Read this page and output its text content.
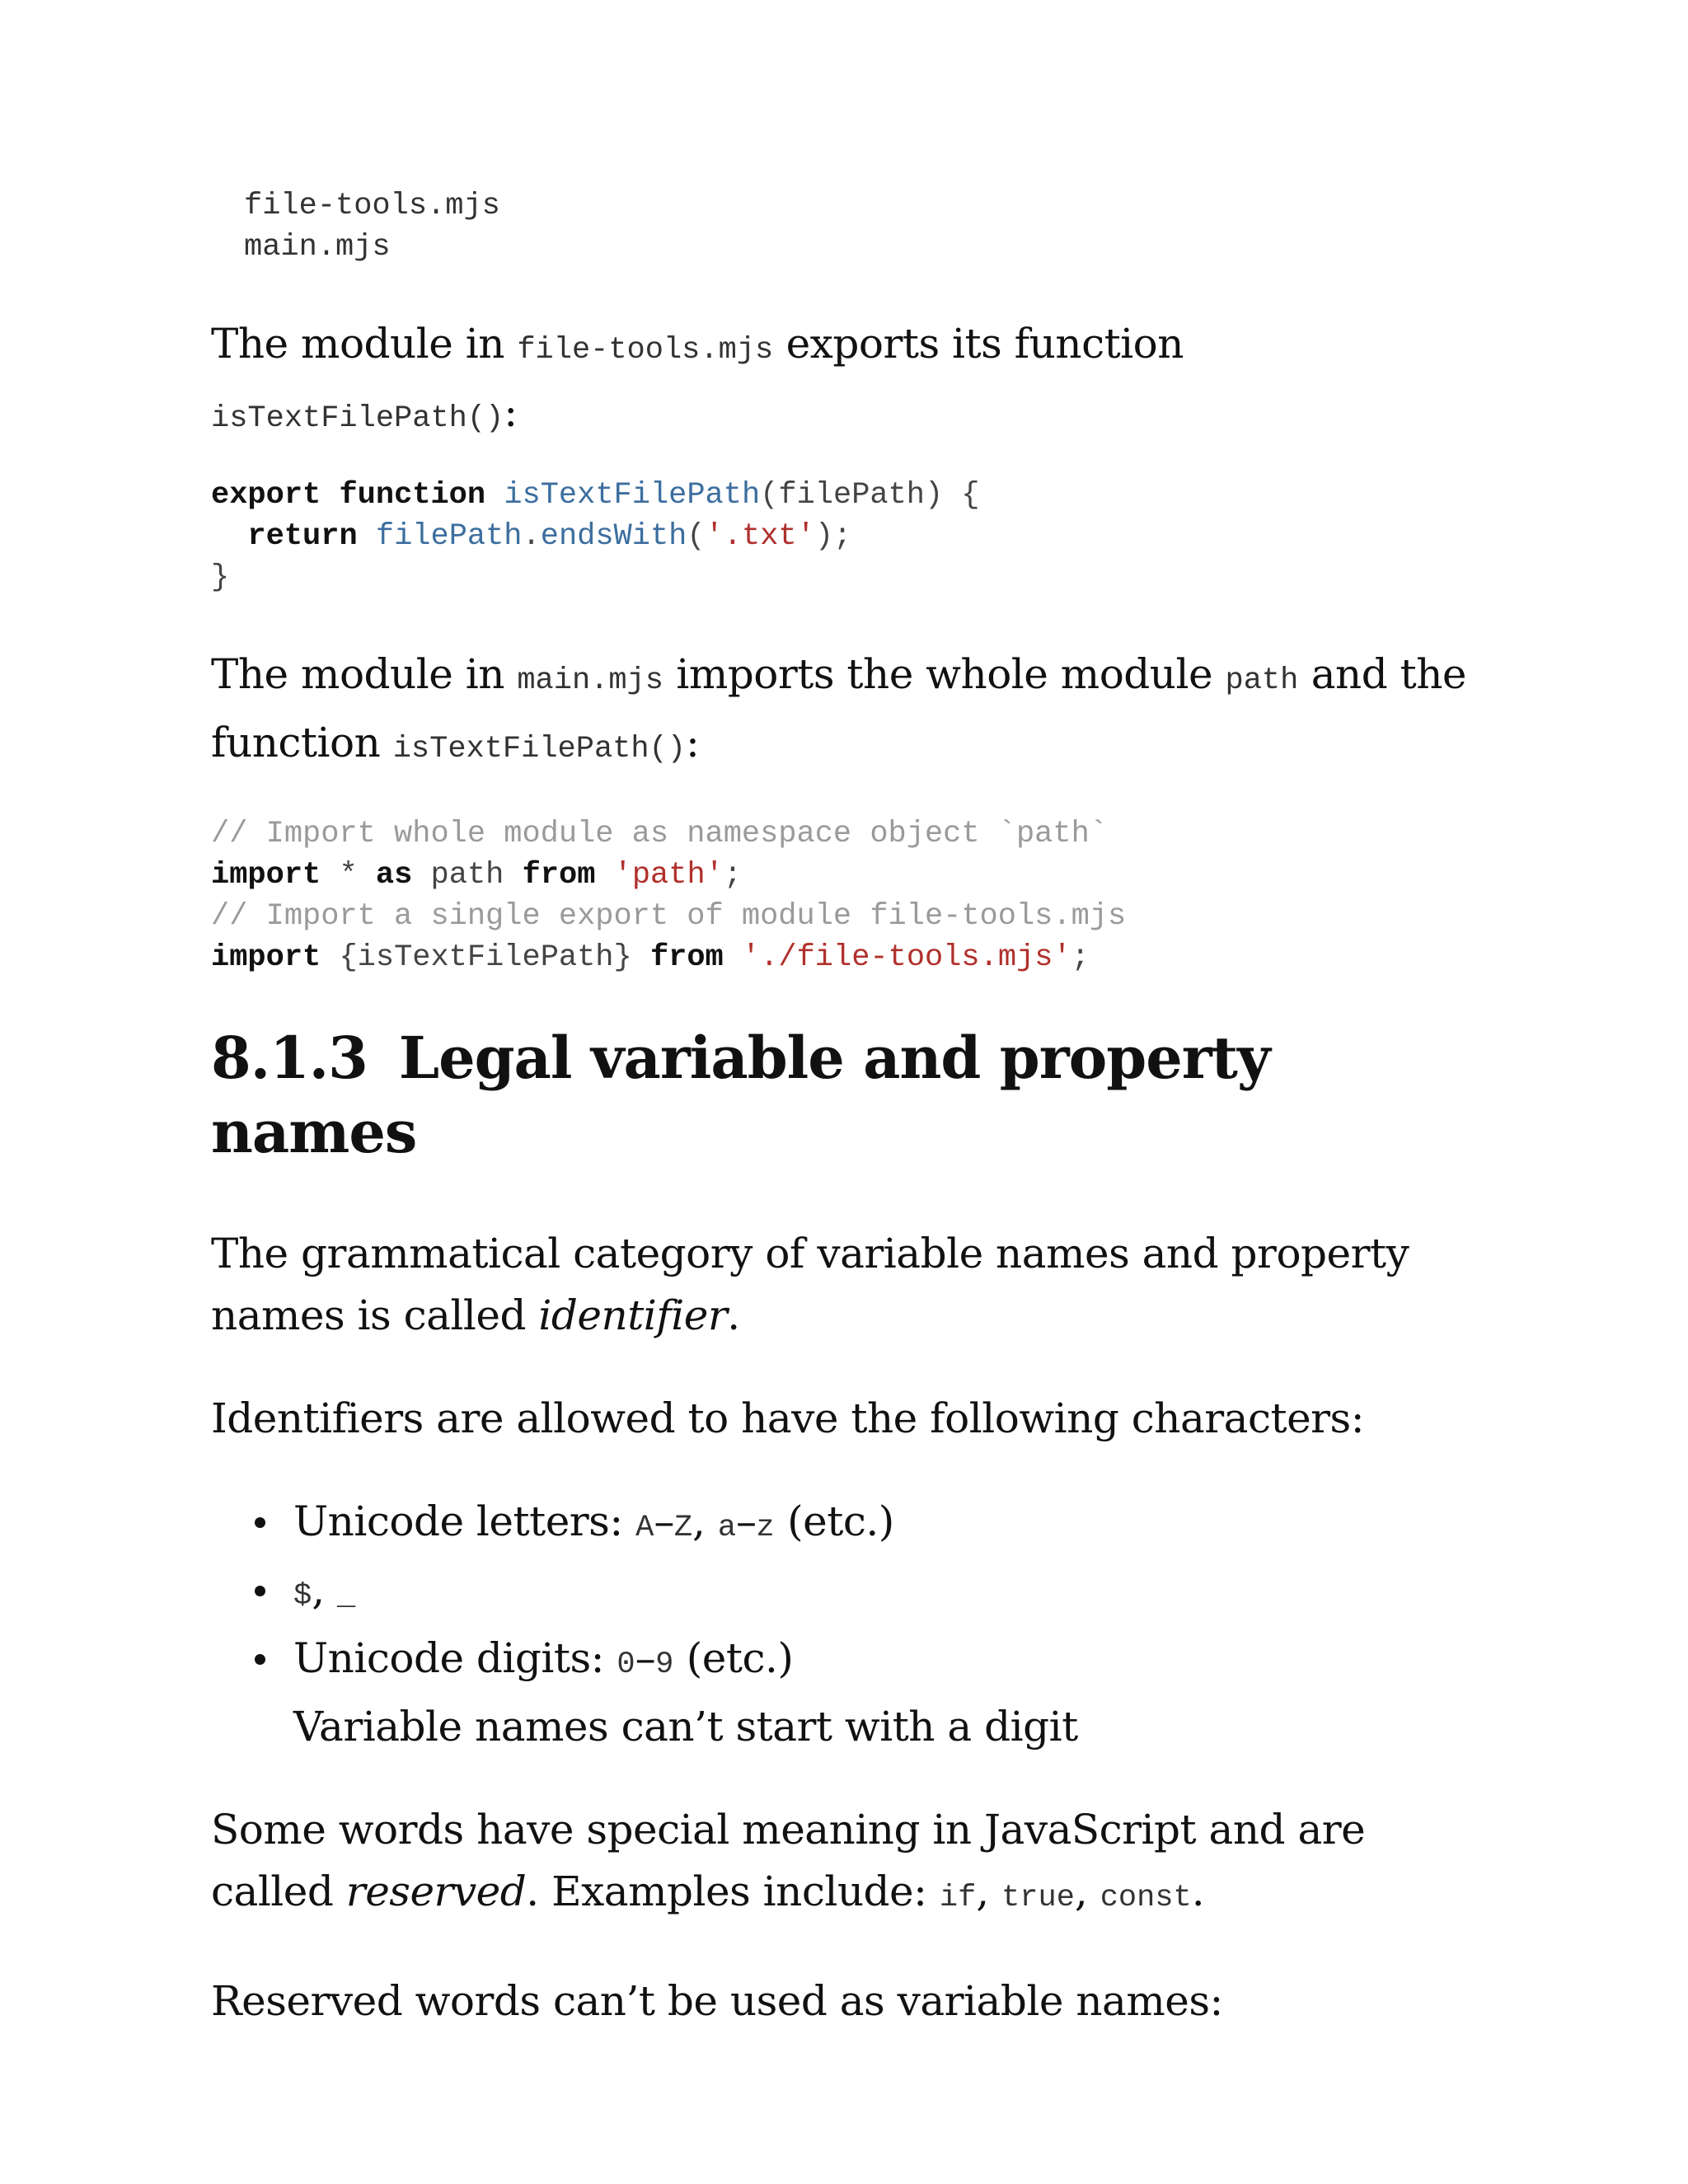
file-tools.mjs
main.mjs

The module in file-tools.mjs exports its function isTextFilePath():

export function isTextFilePath(filePath) {
return filePath.endsWith('.txt');
}

The module in main.mjs imports the whole module path and the function isTextFilePath():

// Import whole module as namespace object `path`
import * as path from 'path';
// Import a single export of module file-tools.mjs
import {isTextFilePath} from './file-tools.mjs';
8.1.3 Legal variable and property names

The grammatical category of variable names and property names is called identifier.

Identifiers are allowed to have the following characters:

Unicode letters: A–Z, a–z (etc.)
$, _
Unicode digits: 0–9 (etc.)
Variable names can’t start with a digit

Some words have special meaning in JavaScript and are called reserved. Examples include: if, true, const.

Reserved words can’t be used as variable names:
